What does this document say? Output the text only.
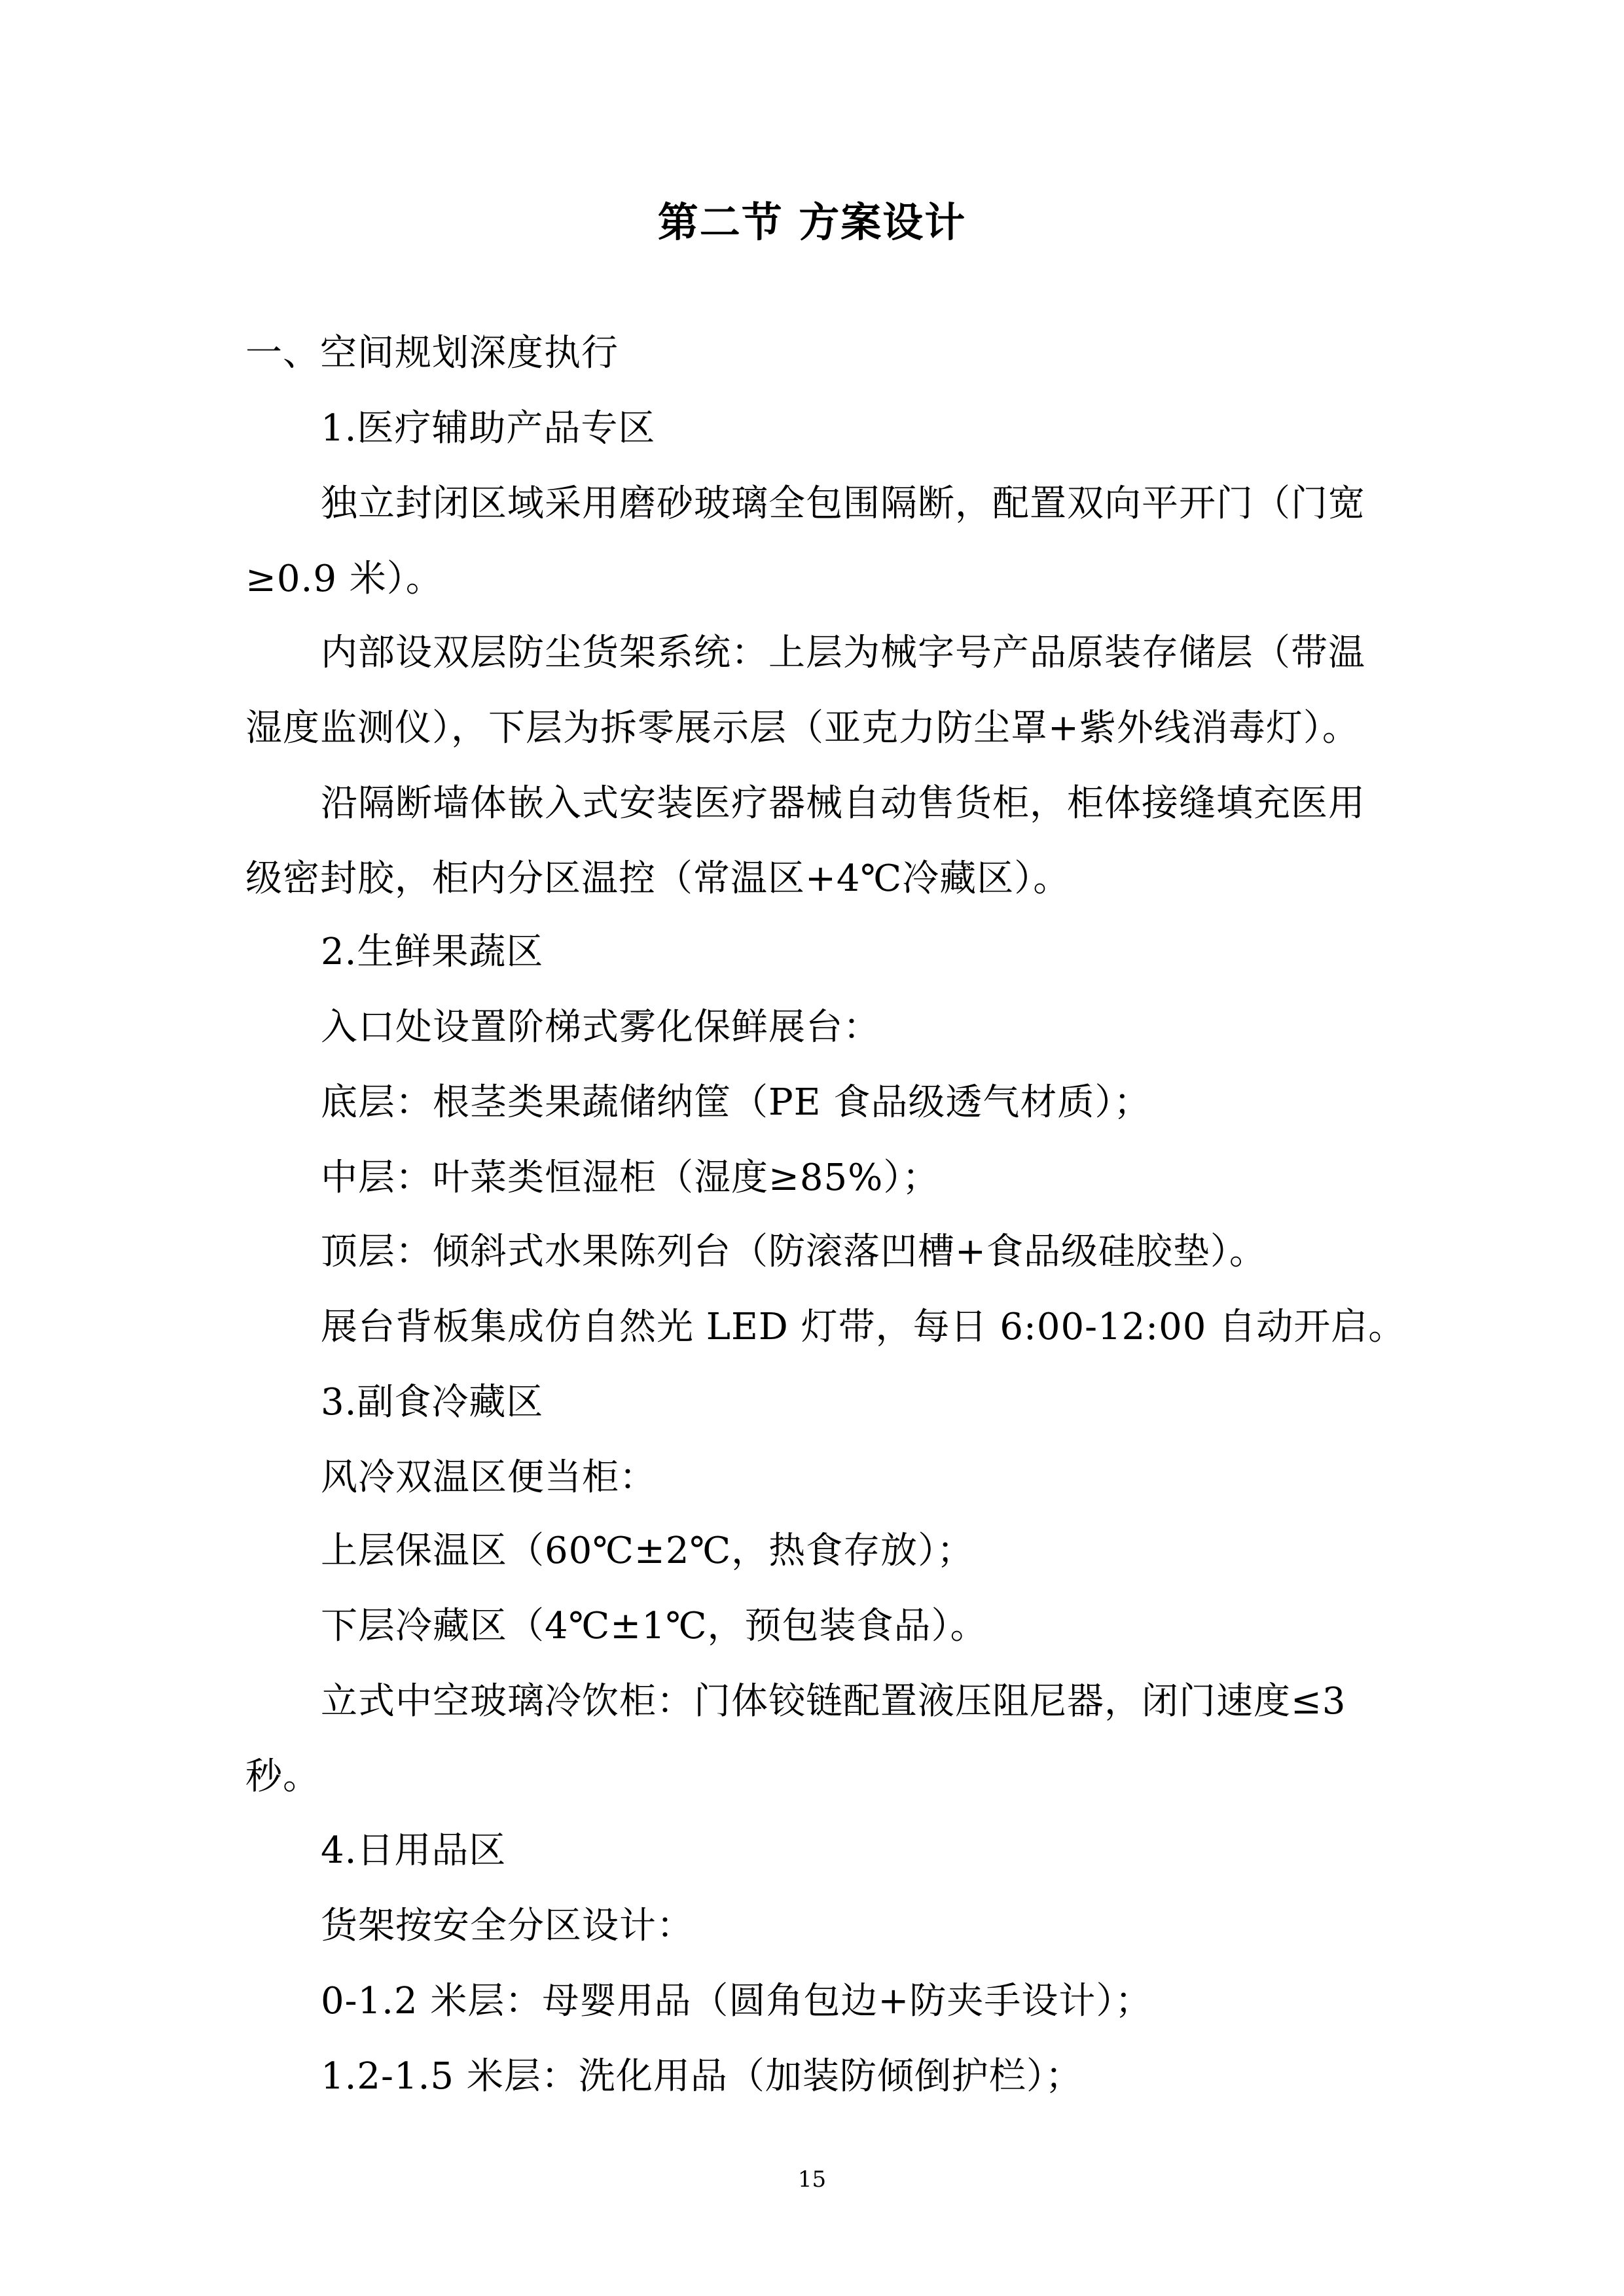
第二节 方案设计
一、空间规划深度执行
1.医疗辅助产品专区
独立封闭区域采用磨砂玻璃全包围隔断，配置双向平开门（门宽
≥0.9 米）。
内部设双层防尘货架系统：上层为械字号产品原装存储层（带温
湿度监测仪），下层为拆零展示层（亚克力防尘罩+紫外线消毒灯）。
沿隔断墙体嵌入式安装医疗器械自动售货柜，柜体接缝填充医用
级密封胶，柜内分区温控（常温区+4℃冷藏区）。
2.生鲜果蔬区
入口处设置阶梯式雾化保鲜展台：
底层：根茎类果蔬储纳筐（PE 食品级透气材质）；
中层：叶菜类恒湿柜（湿度≥85%）；
顶层：倾斜式水果陈列台（防滚落凹槽+食品级硅胶垫）。
展台背板集成仿自然光 LED 灯带，每日 6:00-12:00 自动开启。
3.副食冷藏区
风冷双温区便当柜：
上层保温区（60℃±2℃，热食存放）；
下层冷藏区（4℃±1℃，预包装食品）。
立式中空玻璃冷饮柜：门体铰链配置液压阻尼器，闭门速度≤3
秒。
4.日用品区
货架按安全分区设计：
0-1.2 米层：母婴用品（圆角包边+防夹手设计）；
1.2-1.5 米层：洗化用品（加装防倾倒护栏）；
15
